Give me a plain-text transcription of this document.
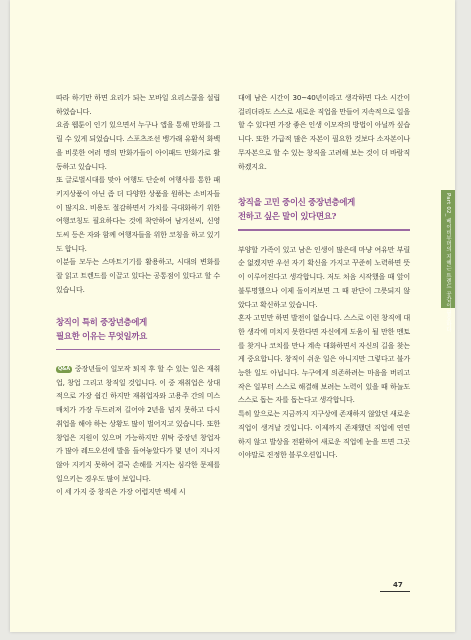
따라 하기만 하면 요리가 되는 모바일 요리스쿨을 설립하였습니다.

요즘 웹툰이 인기 있으면서 누구나 앱을 통해 만화를 그릴 수 있게 되었습니다. 스포츠조선 뱅가래 유환석 화백을 비롯한 여러 명의 만화가들이 아이패드 만화가로 활동하고 있습니다.

또 글로벌시대를 맞아 여행도 단순히 여행사를 통한 패키지상품이 아닌 좀 더 다양한 상품을 원하는 소비자들이 많지요. 비용도 절감하면서 가치를 극대화하기 위한 여행코칭도 필요하다는 것에 착안하여 남거선씨, 신영도씨 등은 자와 함께 여행자들을 위한 코칭을 하고 있기도 합니다.

이분들 모두는 스마트기기를 활용하고, 시대의 변화를 잘 읽고 트렌드를 이끌고 있다는 공통점이 있다고 할 수 있습니다.

창직이 특히 중장년층에게
필요한 이유는 무엇일까요

Q&A 중장년들이 일모작 퇴직 후 할 수 있는 일은 재취업, 창업 그리고 창직일 것입니다. 이 중 재취업은 상대적으로 가장 쉽긴 하지만 재취업자와 고용주 간의 미스매치가 가장 두드러져 길어야 2년을 넘지 못하고 다시 취업을 해야 하는 상황도 많이 벌어지고 있습니다. 또한 창업은 지원이 있으며 가능하지만 위탁 중장년 창업자가 많아 레드오션에 발을 들여놓았다가 몇 년이 지나지 않아 지키지 못하여 결국 손해를 거지는 심각한 문제를 일으키는 경우도 많이 보입니다.

이 세 가지 중 창직은 가장 어렵지만 백세 시

대에 남은 시간이 30~40년이라고 생각하면 다소 시간이 걸리더라도 스스로 새로운 직업을 만들어 지속적으로 일을 할 수 있다면 가장 좋은 인생 이모작의 방법이 아닐까 싶습니다. 또한 가급적 많은 자본이 필요한 것보다 소자본이나 무자본으로 할 수 있는 창직을 고려해 보는 것이 더 바람직하겠지요.

창직을 고민 중이신 중장년층에게
전하고 싶은 말이 있다면요?

부양할 가족이 있고 남은 인생이 많은데 마냥 여유만 부릴 순 없겠지만 우선 자기 확신을 가지고 꾸준히 노력하면 뜻이 이루어진다고 생각합니다. 저도 처음 시작했을 때 앞이 불투명했으나 이제 돌이켜보면 그 때 판단이 그릇되지 않았다고 확신하고 있습니다.

혼자 고민만 하면 발전이 없습니다. 스스로 이런 창직에 대한 생각에 미치지 못한다면 자신에게 도움이 될 만한 멘토를 찾거나 코치를 만나 계속 대화하면서 자신의 길을 찾는 게 중요합니다. 창직이 쉬운 일은 아니지만 그렇다고 불가능한 일도 아닙니다. 누구에게 의존하려는 마음을 버리고 작은 일부터 스스로 해결해 보려는 노력이 있을 때 하늘도 스스로 돕는 자를 돕는다고 생각합니다.

특히 앞으로는 지금까지 지구상에 존재하지 않았던 새로운 직업이 생겨날 것입니다. 이제까지 존재했던 직업에 연연하지 않고 발상을 전환하여 새로운 직업에 눈을 뜨면 그곳이야말로 진정한 블루오션입니다.

Part 02_ 베이비부머의 지혜는 트렌드 공감이 필요하다
47
